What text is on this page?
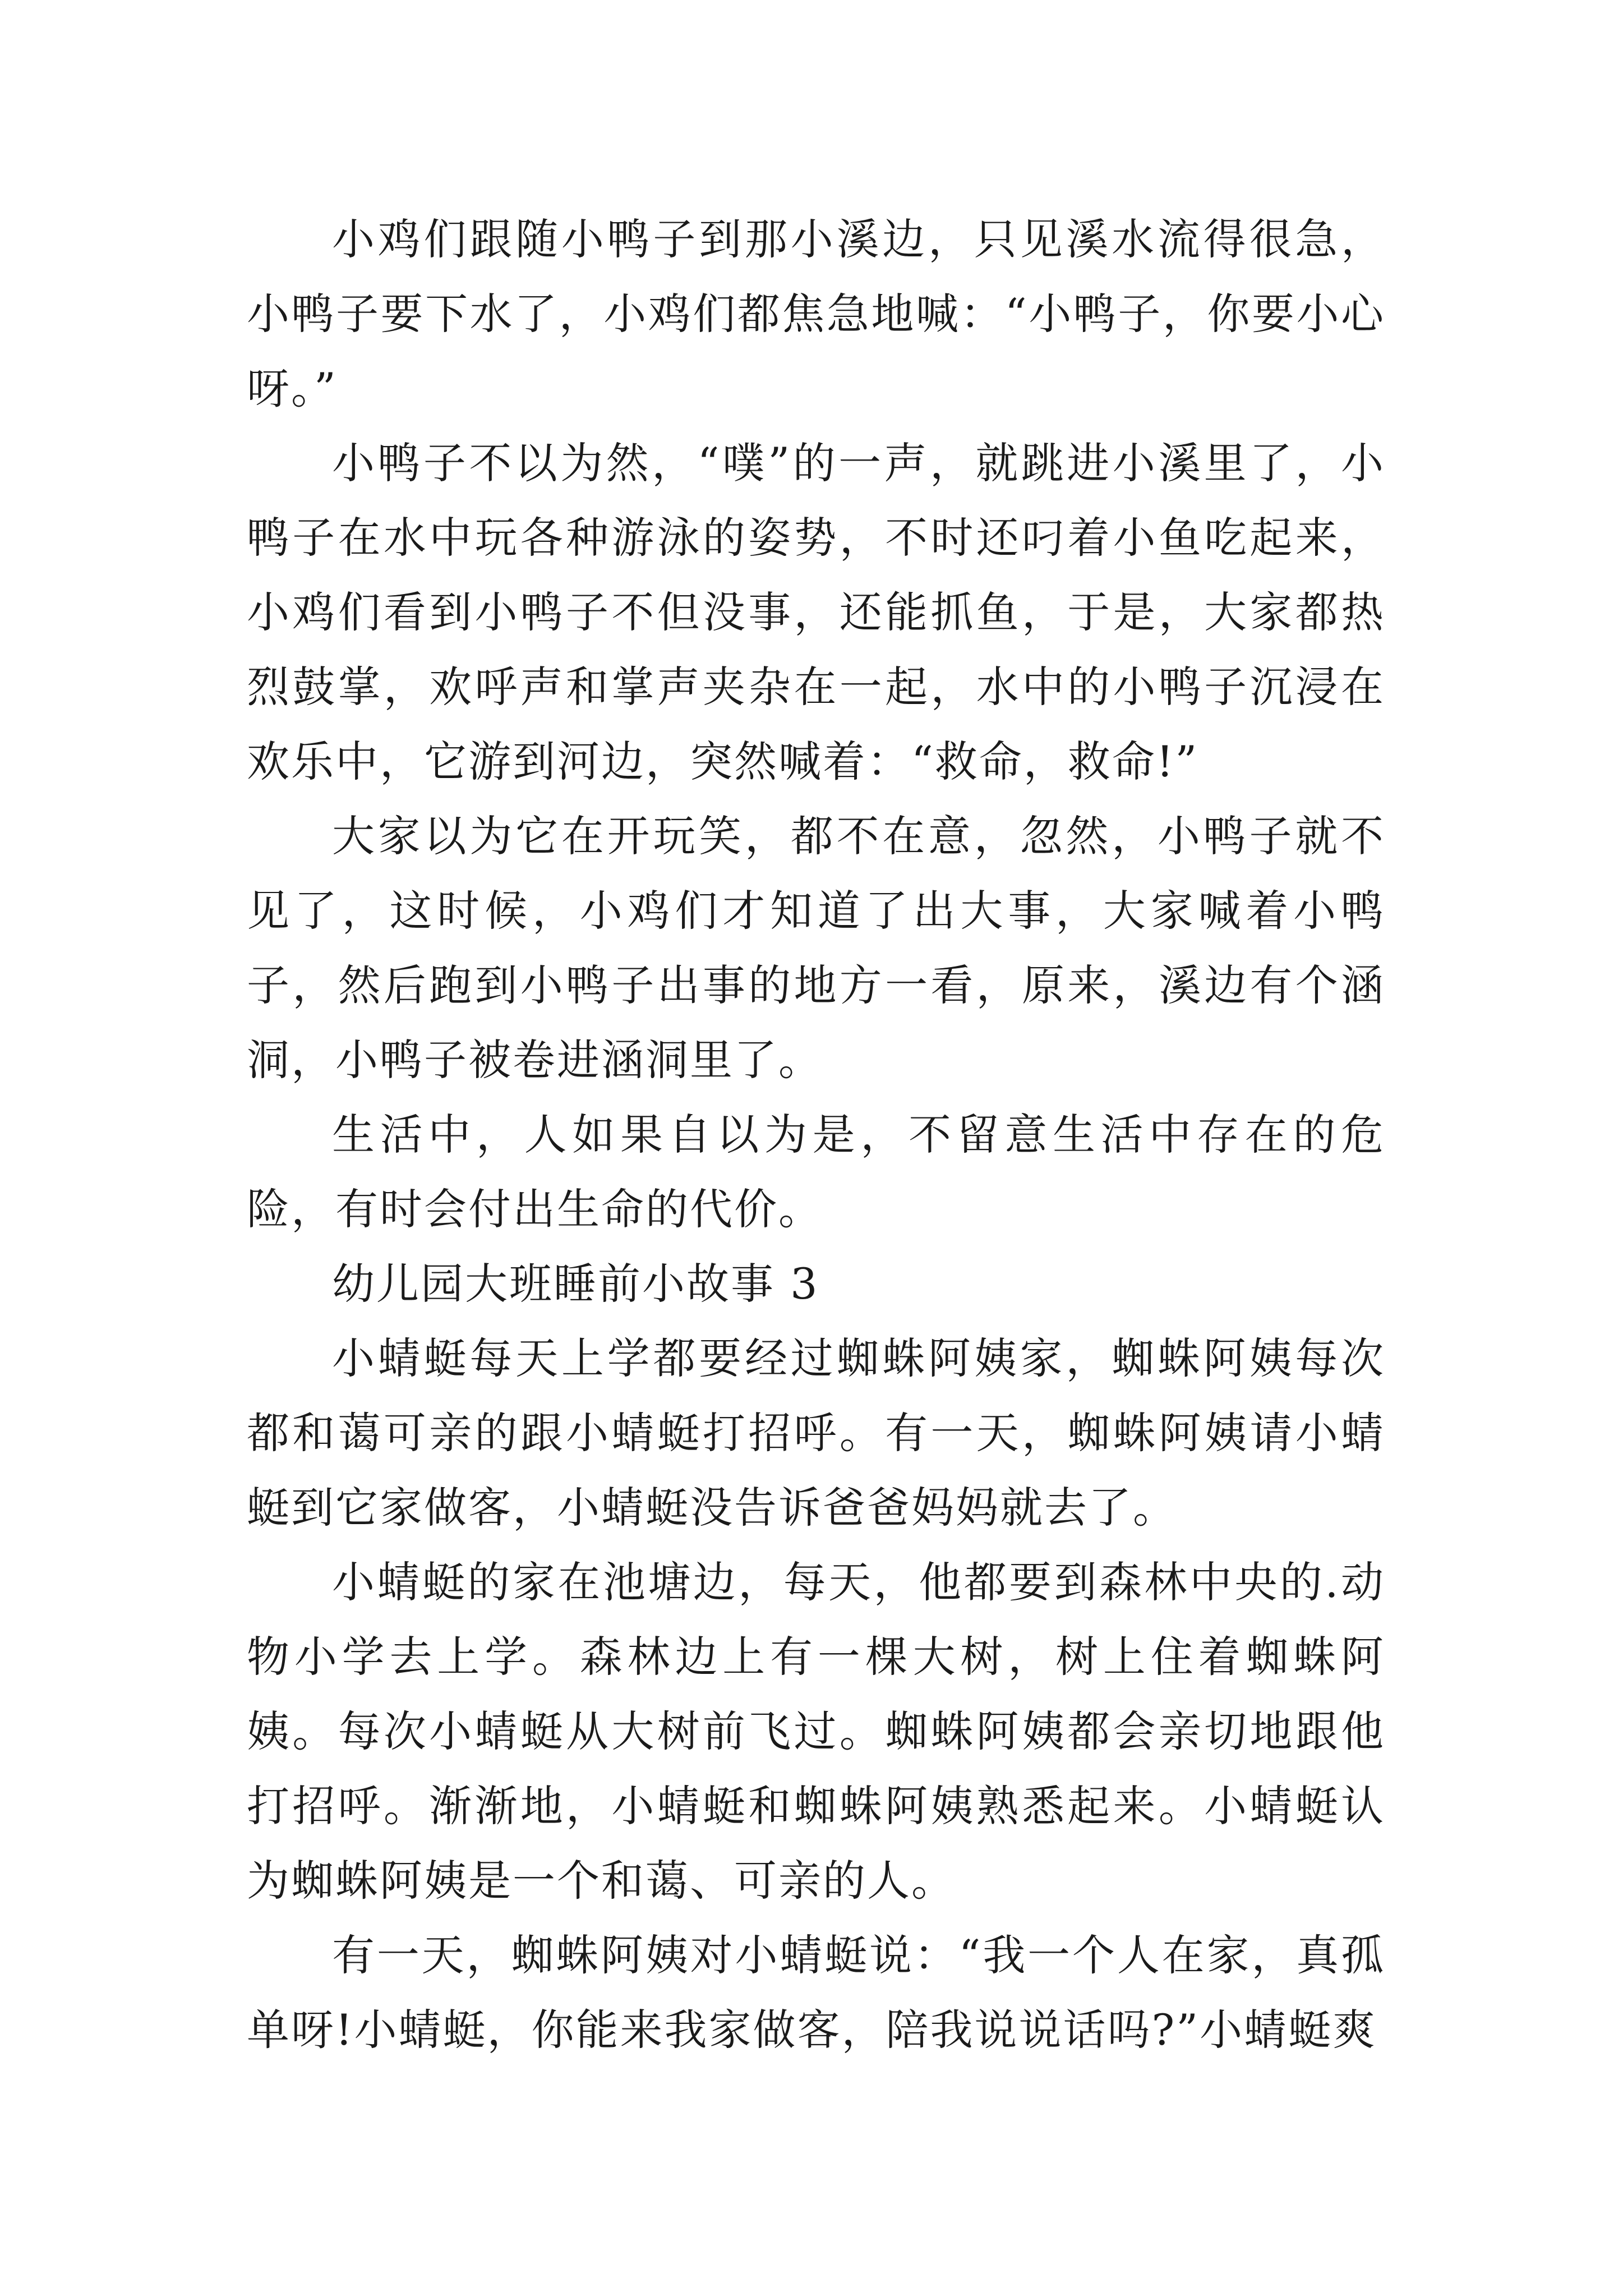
小鸡们跟随小鸭子到那小溪边，只见溪水流得很急，小鸭子要下水了，小鸡们都焦急地喊：“小鸭子，你要小心呀。”

小鸭子不以为然，“噗”的一声，就跳进小溪里了，小鸭子在水中玩各种游泳的姿势，不时还叼着小鱼吃起来，小鸡们看到小鸭子不但没事，还能抓鱼，于是，大家都热烈鼓掌，欢呼声和掌声夹杂在一起，水中的小鸭子沉浸在欢乐中，它游到河边，突然喊着：“救命，救命!”

大家以为它在开玩笑，都不在意，忽然，小鸭子就不见了，这时候，小鸡们才知道了出大事，大家喊着小鸭子，然后跑到小鸭子出事的地方一看，原来，溪边有个涵洞，小鸭子被卷进涵洞里了。

生活中，人如果自以为是，不留意生活中存在的危险，有时会付出生命的代价。

幼儿园大班睡前小故事 3

小蜻蜓每天上学都要经过蜘蛛阿姨家，蜘蛛阿姨每次都和蔼可亲的跟小蜻蜓打招呼。有一天，蜘蛛阿姨请小蜻蜓到它家做客，小蜻蜓没告诉爸爸妈妈就去了。

小蜻蜓的家在池塘边，每天，他都要到森林中央的.动物小学去上学。森林边上有一棵大树，树上住着蜘蛛阿姨。每次小蜻蜓从大树前飞过。蜘蛛阿姨都会亲切地跟他打招呼。渐渐地，小蜻蜓和蜘蛛阿姨熟悉起来。小蜻蜓认为蜘蛛阿姨是一个和蔼、可亲的人。

有一天，蜘蛛阿姨对小蜻蜓说：“我一个人在家，真孤单呀!小蜻蜓，你能来我家做客，陪我说说话吗?”小蜻蜓爽
